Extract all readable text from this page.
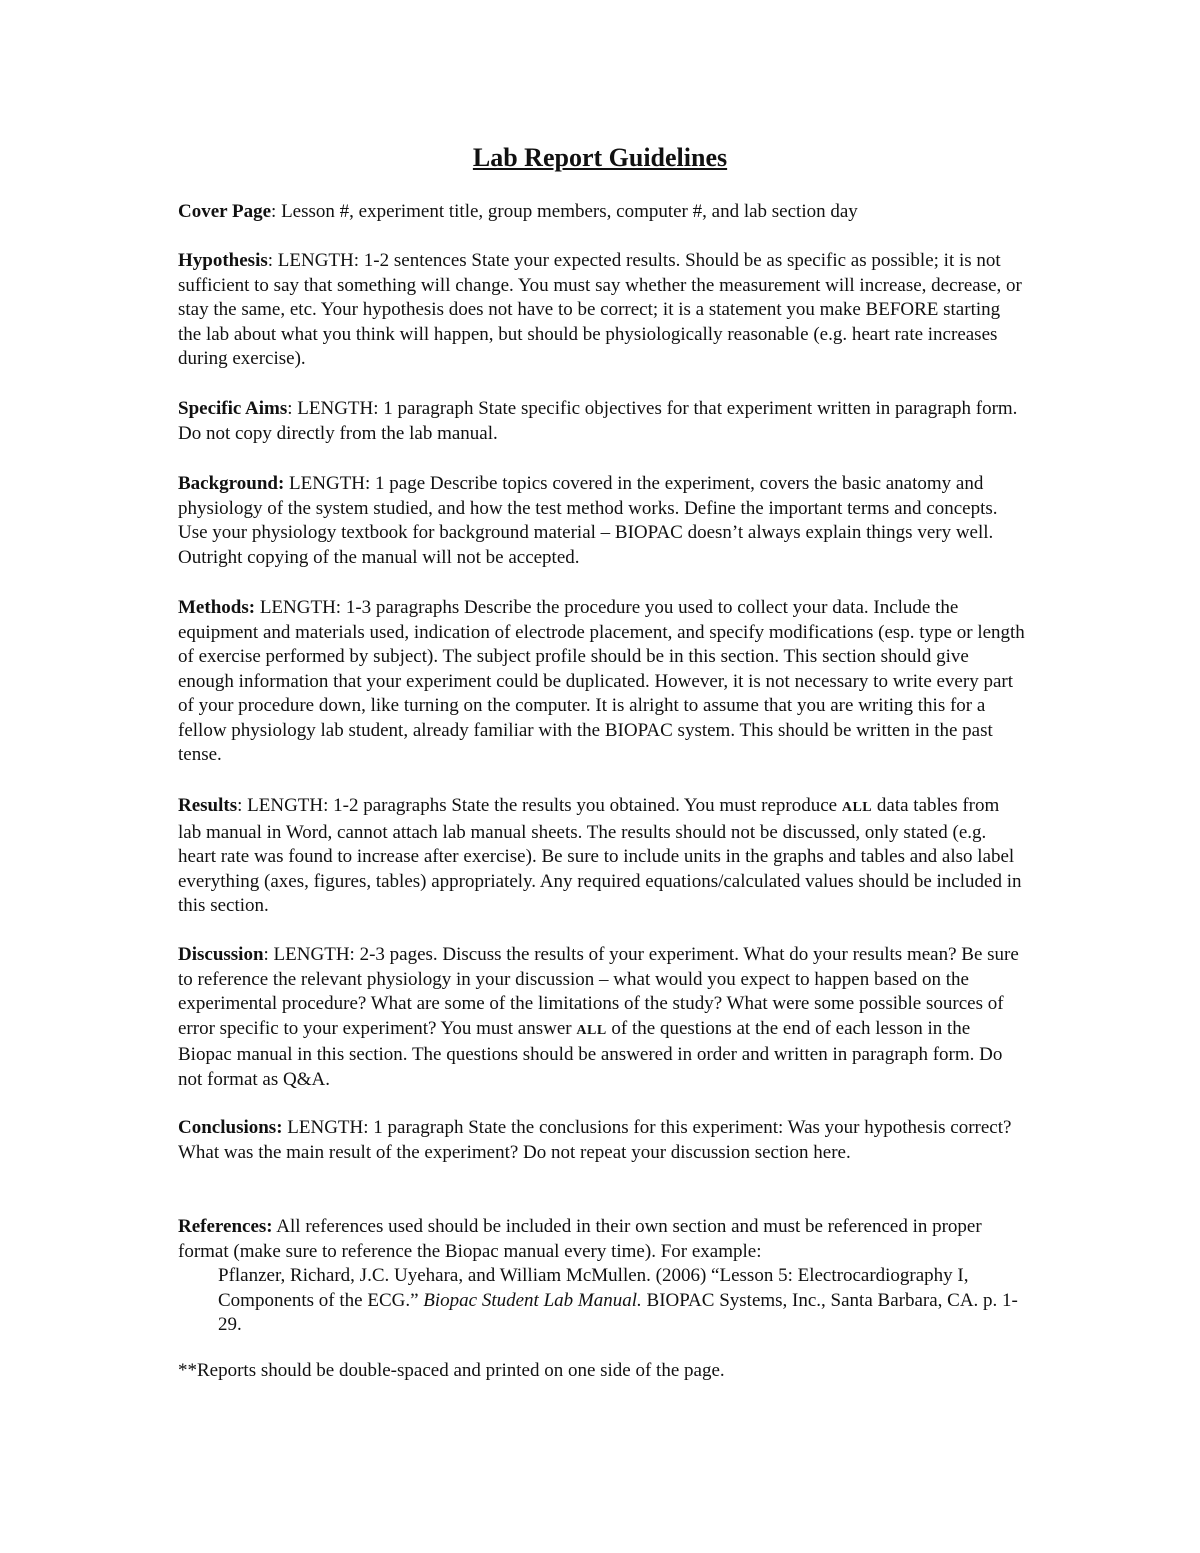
Lab Report Guidelines

Cover Page: Lesson #, experiment title, group members, computer #, and lab section day

Hypothesis: LENGTH: 1-2 sentences State your expected results. Should be as specific as possible; it is not sufficient to say that something will change. You must say whether the measurement will increase, decrease, or stay the same, etc. Your hypothesis does not have to be correct; it is a statement you make BEFORE starting the lab about what you think will happen, but should be physiologically reasonable (e.g. heart rate increases during exercise).

Specific Aims: LENGTH: 1 paragraph State specific objectives for that experiment written in paragraph form. Do not copy directly from the lab manual.

Background: LENGTH: 1 page Describe topics covered in the experiment, covers the basic anatomy and physiology of the system studied, and how the test method works. Define the important terms and concepts. Use your physiology textbook for background material – BIOPAC doesn’t always explain things very well. Outright copying of the manual will not be accepted.

Methods: LENGTH: 1-3 paragraphs Describe the procedure you used to collect your data. Include the equipment and materials used, indication of electrode placement, and specify modifications (esp. type or length of exercise performed by subject). The subject profile should be in this section. This section should give enough information that your experiment could be duplicated. However, it is not necessary to write every part of your procedure down, like turning on the computer. It is alright to assume that you are writing this for a fellow physiology lab student, already familiar with the BIOPAC system. This should be written in the past tense.

Results: LENGTH: 1-2 paragraphs State the results you obtained. You must reproduce ALL data tables from lab manual in Word, cannot attach lab manual sheets. The results should not be discussed, only stated (e.g. heart rate was found to increase after exercise). Be sure to include units in the graphs and tables and also label everything (axes, figures, tables) appropriately. Any required equations/calculated values should be included in this section.

Discussion: LENGTH: 2-3 pages. Discuss the results of your experiment. What do your results mean? Be sure to reference the relevant physiology in your discussion – what would you expect to happen based on the experimental procedure? What are some of the limitations of the study? What were some possible sources of error specific to your experiment? You must answer ALL of the questions at the end of each lesson in the Biopac manual in this section. The questions should be answered in order and written in paragraph form. Do not format as Q&A.

Conclusions: LENGTH: 1 paragraph State the conclusions for this experiment: Was your hypothesis correct? What was the main result of the experiment? Do not repeat your discussion section here.

References: All references used should be included in their own section and must be referenced in proper format (make sure to reference the Biopac manual every time). For example:

Pflanzer, Richard, J.C. Uyehara, and William McMullen. (2006) “Lesson 5: Electrocardiography I, Components of the ECG.” Biopac Student Lab Manual. BIOPAC Systems, Inc., Santa Barbara, CA. p. 1-29.

**Reports should be double-spaced and printed on one side of the page.
